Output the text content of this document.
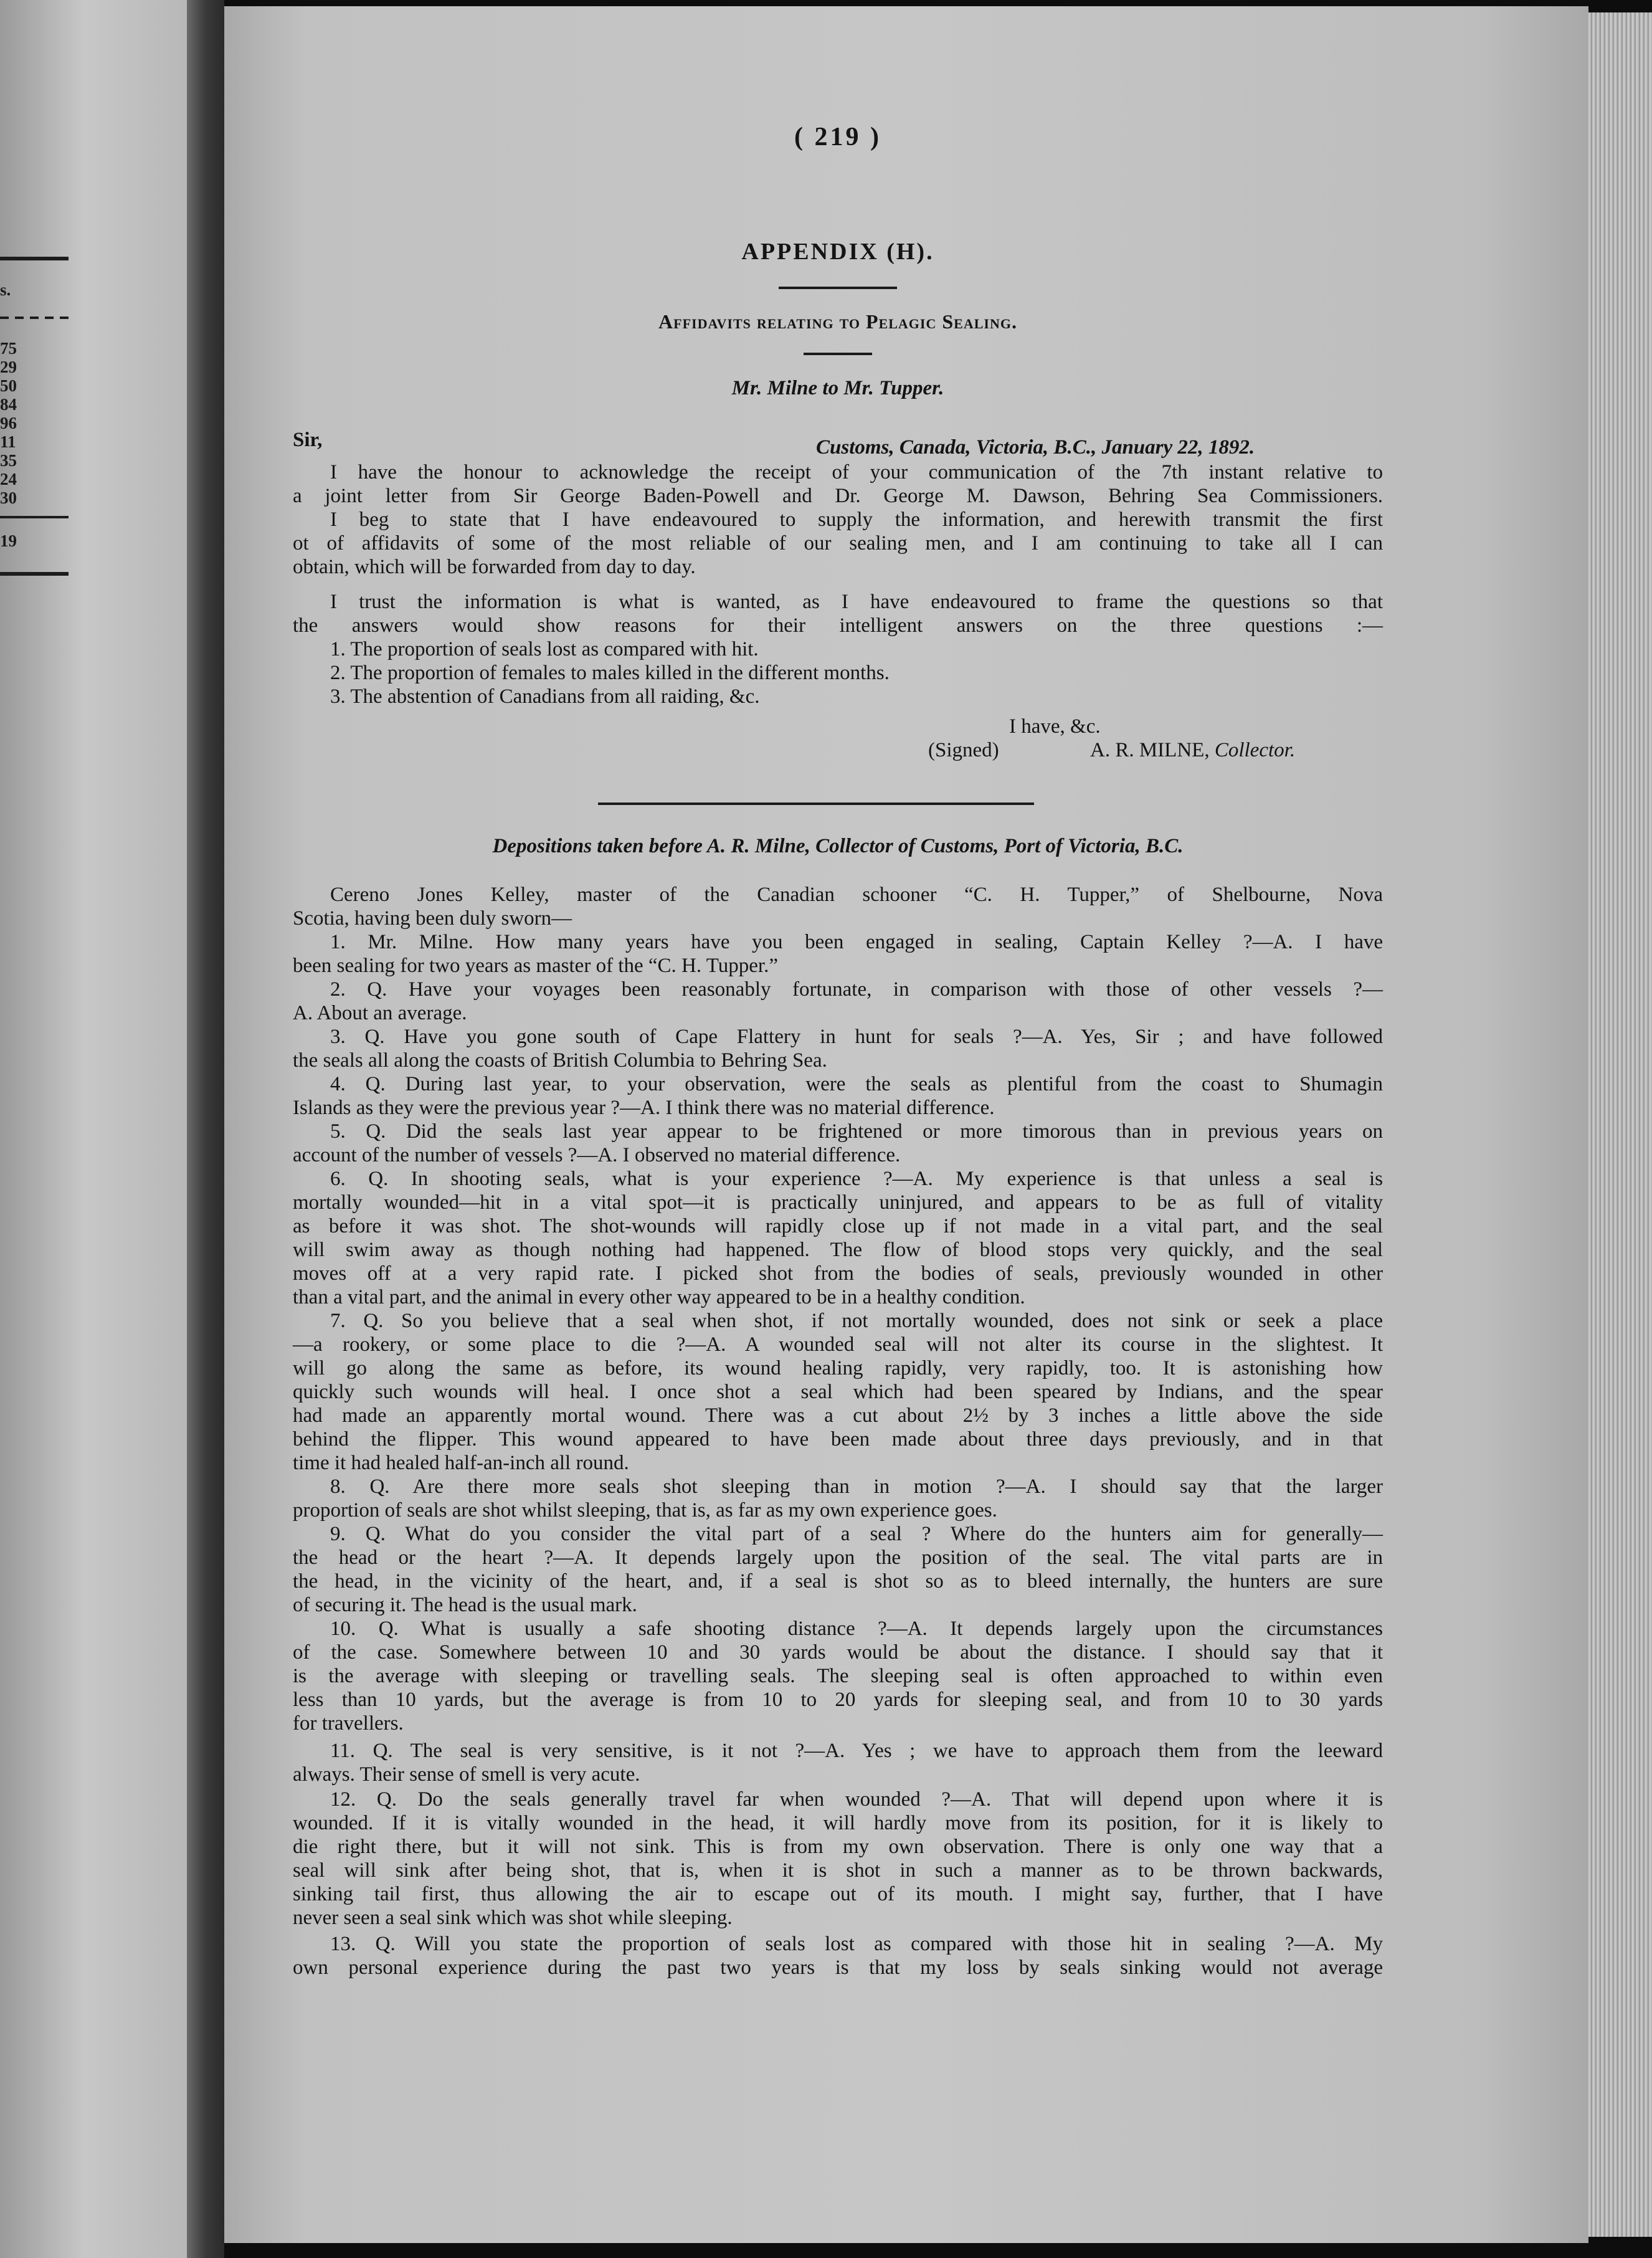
s.
75
29
50
84
96
11
35
24
30
19
( 219 )
APPENDIX (H).
Affidavits relating to Pelagic Sealing.
Mr. Milne to Mr. Tupper.
Sir,	Customs, Canada, Victoria, B.C., January 22, 1892.
I have the honour to acknowledge the receipt of your communication of the 7th instant relative to
a joint letter from Sir George Baden-Powell and Dr. George M. Dawson, Behring Sea Commissioners.
I beg to state that I have endeavoured to supply the information, and herewith transmit the first
ot of affidavits of some of the most reliable of our sealing men, and I am continuing to take all I can
obtain, which will be forwarded from day to day.
I trust the information is what is wanted, as I have endeavoured to frame the questions so that
the answers would show reasons for their intelligent answers on the three questions :—
1. The proportion of seals lost as compared with hit.
2. The proportion of females to males killed in the different months.
3. The abstention of Canadians from all raiding, &c.
I have, &c.
(Signed)	A. R. MILNE, Collector.
Depositions taken before A. R. Milne, Collector of Customs, Port of Victoria, B.C.
Cereno Jones Kelley, master of the Canadian schooner “C. H. Tupper,” of Shelbourne, Nova
Scotia, having been duly sworn—
1. Mr. Milne. How many years have you been engaged in sealing, Captain Kelley ?—A. I have
been sealing for two years as master of the “C. H. Tupper.”
2. Q. Have your voyages been reasonably fortunate, in comparison with those of other vessels ?—
A. About an average.
3. Q. Have you gone south of Cape Flattery in hunt for seals ?—A. Yes, Sir ; and have followed
the seals all along the coasts of British Columbia to Behring Sea.
4. Q. During last year, to your observation, were the seals as plentiful from the coast to Shumagin
Islands as they were the previous year ?—A. I think there was no material difference.
5. Q. Did the seals last year appear to be frightened or more timorous than in previous years on
account of the number of vessels ?—A. I observed no material difference.
6. Q. In shooting seals, what is your experience ?—A. My experience is that unless a seal is
mortally wounded—hit in a vital spot—it is practically uninjured, and appears to be as full of vitality
as before it was shot. The shot-wounds will rapidly close up if not made in a vital part, and the seal
will swim away as though nothing had happened. The flow of blood stops very quickly, and the seal
moves off at a very rapid rate. I picked shot from the bodies of seals, previously wounded in other
than a vital part, and the animal in every other way appeared to be in a healthy condition.
7. Q. So you believe that a seal when shot, if not mortally wounded, does not sink or seek a place
—a rookery, or some place to die ?—A. A wounded seal will not alter its course in the slightest. It
will go along the same as before, its wound healing rapidly, very rapidly, too. It is astonishing how
quickly such wounds will heal. I once shot a seal which had been speared by Indians, and the spear
had made an apparently mortal wound. There was a cut about 2½ by 3 inches a little above the side
behind the flipper. This wound appeared to have been made about three days previously, and in that
time it had healed half-an-inch all round.
8. Q. Are there more seals shot sleeping than in motion ?—A. I should say that the larger
proportion of seals are shot whilst sleeping, that is, as far as my own experience goes.
9. Q. What do you consider the vital part of a seal ? Where do the hunters aim for generally—
the head or the heart ?—A. It depends largely upon the position of the seal. The vital parts are in
the head, in the vicinity of the heart, and, if a seal is shot so as to bleed internally, the hunters are sure
of securing it. The head is the usual mark.
10. Q. What is usually a safe shooting distance ?—A. It depends largely upon the circumstances
of the case. Somewhere between 10 and 30 yards would be about the distance. I should say that it
is the average with sleeping or travelling seals. The sleeping seal is often approached to within even
less than 10 yards, but the average is from 10 to 20 yards for sleeping seal, and from 10 to 30 yards
for travellers.
11. Q. The seal is very sensitive, is it not ?—A. Yes ; we have to approach them from the leeward
always. Their sense of smell is very acute.
12. Q. Do the seals generally travel far when wounded ?—A. That will depend upon where it is
wounded. If it is vitally wounded in the head, it will hardly move from its position, for it is likely to
die right there, but it will not sink. This is from my own observation. There is only one way that a
seal will sink after being shot, that is, when it is shot in such a manner as to be thrown backwards,
sinking tail first, thus allowing the air to escape out of its mouth. I might say, further, that I have
never seen a seal sink which was shot while sleeping.
13. Q. Will you state the proportion of seals lost as compared with those hit in sealing ?—A. My
own personal experience during the past two years is that my loss by seals sinking would not average
